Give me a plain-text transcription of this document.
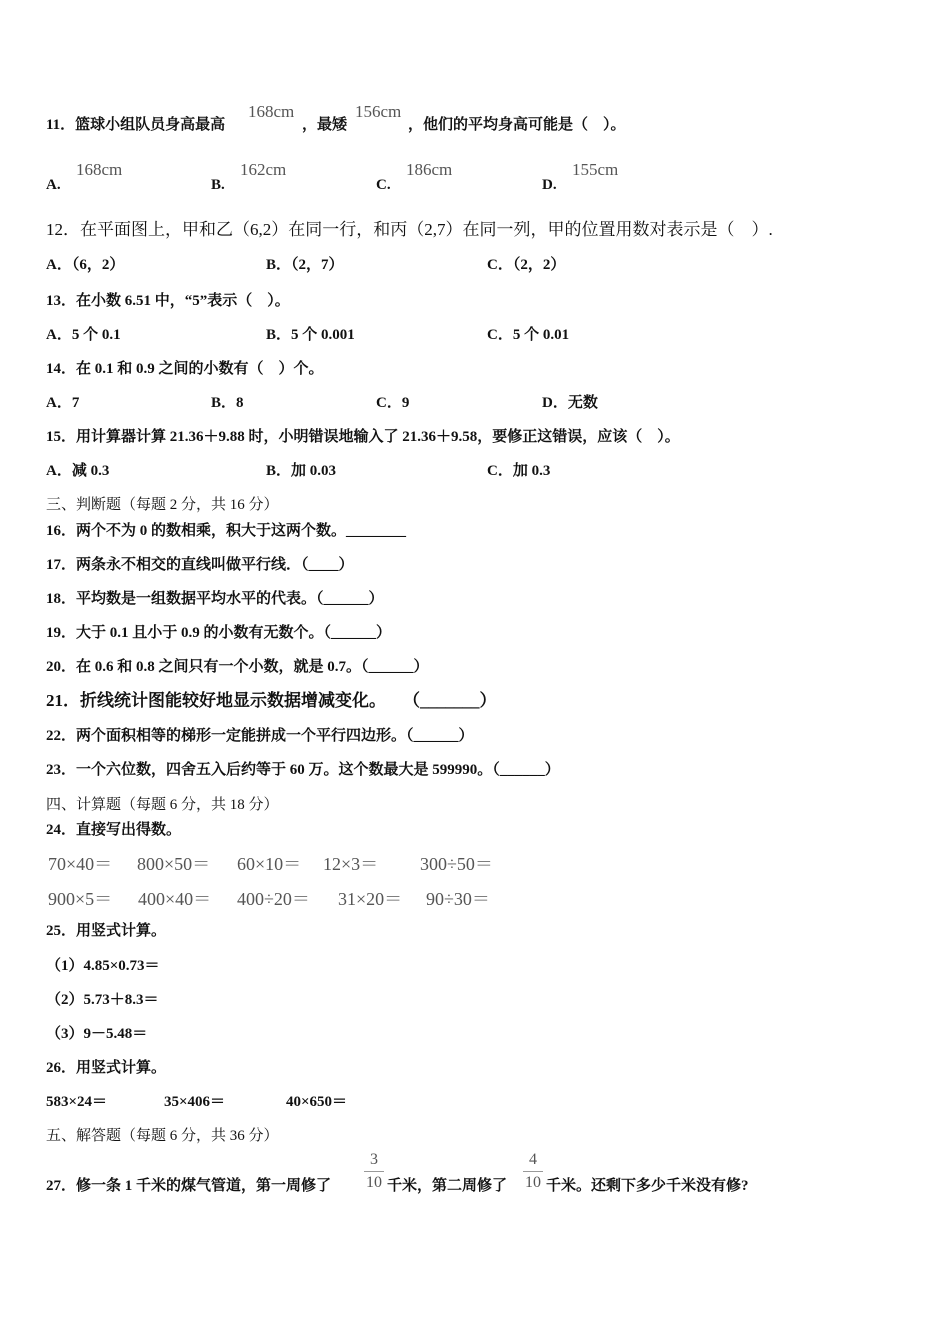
11．篮球小组队员身高最高
168cm
，最矮
156cm
，他们的平均身高可能是（　）。
A.
168cm
B.
162cm
C.
186cm
D.
155cm
12．在平面图上，甲和乙（6,2）在同一行，和丙（2,7）在同一列，甲的位置用数对表示是（　）.
A．（6，2）	B．（2，7）	C．（2，2）
13．在小数 6.51 中，“5”表示（　）。
A．5 个 0.1	B．5 个 0.001	C．5 个 0.01
14．在 0.1 和 0.9 之间的小数有（　）个。
A．7	B．8	C．9	D．无数
15．用计算器计算 21.36＋9.88 时，小明错误地输入了 21.36＋9.58，要修正这错误，应该（　）。
A．减 0.3	B．加 0.03	C．加 0.3
三、判断题（每题 2 分，共 16 分）
16．两个不为 0 的数相乘，积大于这两个数。________
17．两条永不相交的直线叫做平行线．（____）
18．平均数是一组数据平均水平的代表。（______）
19．大于 0.1 且小于 0.9 的小数有无数个。（______）
20．在 0.6 和 0.8 之间只有一个小数，就是 0.7。（______）
21．折线统计图能较好地显示数据增减变化。　　（_______）
22．两个面积相等的梯形一定能拼成一个平行四边形。（______）
23．一个六位数，四舍五入后约等于 60 万。这个数最大是 599990。（______）
四、计算题（每题 6 分，共 18 分）
24．直接写出得数。
70×40＝ 800×50＝ 60×10＝ 12×3＝ 300÷50＝
900×5＝ 400×40＝ 400÷20＝ 31×20＝ 90÷30＝
25．用竖式计算。
（1）4.85×0.73＝
（2）5.73＋8.3＝
（3）9－5.48＝
26．用竖式计算。
583×24＝	35×406＝	40×650＝
五、解答题（每题 6 分，共 36 分）
27．修一条 1 千米的煤气管道，第一周修了
3
10 千米，第二周修了
4
10 千米。还剩下多少千米没有修?
